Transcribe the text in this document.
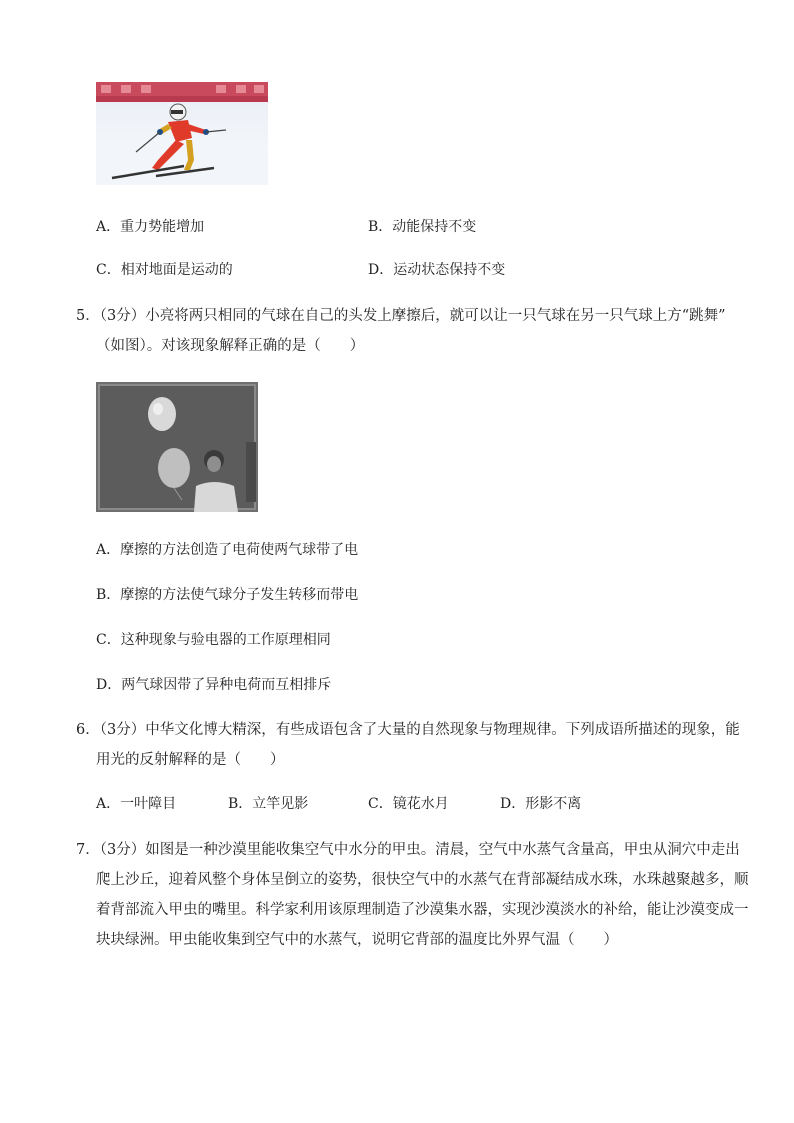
A．重力势能增加	B．动能保持不变
C．相对地面是运动的	D．运动状态保持不变
5．（3分）小亮将两只相同的气球在自己的头发上摩擦后，就可以让一只气球在另一只气球上方“跳舞”
（如图）。对该现象解释正确的是（　　）
A．摩擦的方法创造了电荷使两气球带了电
B．摩擦的方法使气球分子发生转移而带电
C．这种现象与验电器的工作原理相同
D．两气球因带了异种电荷而互相排斥
6．（3分）中华文化博大精深，有些成语包含了大量的自然现象与物理规律。下列成语所描述的现象，能
用光的反射解释的是（　　）
A．一叶障目	B．立竿见影	C．镜花水月	D．形影不离
7．（3分）如图是一种沙漠里能收集空气中水分的甲虫。清晨，空气中水蒸气含量高，甲虫从洞穴中走出
爬上沙丘，迎着风整个身体呈倒立的姿势，很快空气中的水蒸气在背部凝结成水珠，水珠越聚越多，顺
着背部流入甲虫的嘴里。科学家利用该原理制造了沙漠集水器，实现沙漠淡水的补给，能让沙漠变成一
块块绿洲。甲虫能收集到空气中的水蒸气，说明它背部的温度比外界气温（　　）
